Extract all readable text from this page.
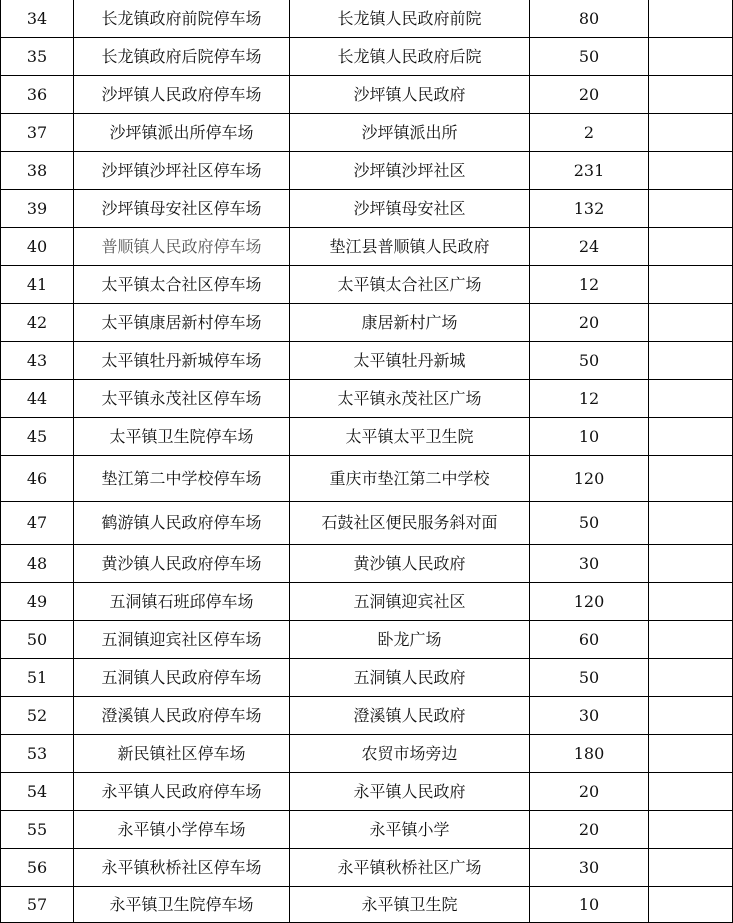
34	长龙镇政府前院停车场	长龙镇人民政府前院	80	
35	长龙镇政府后院停车场	长龙镇人民政府后院	50	
36	沙坪镇人民政府停车场	沙坪镇人民政府	20	
37	沙坪镇派出所停车场	沙坪镇派出所	2	
38	沙坪镇沙坪社区停车场	沙坪镇沙坪社区	231	
39	沙坪镇母安社区停车场	沙坪镇母安社区	132	
40	普顺镇人民政府停车场	垫江县普顺镇人民政府	24	
41	太平镇太合社区停车场	太平镇太合社区广场	12	
42	太平镇康居新村停车场	康居新村广场	20	
43	太平镇牡丹新城停车场	太平镇牡丹新城	50	
44	太平镇永茂社区停车场	太平镇永茂社区广场	12	
45	太平镇卫生院停车场	太平镇太平卫生院	10	
46	垫江第二中学校停车场	重庆市垫江第二中学校	120	
47	鹤游镇人民政府停车场	石鼓社区便民服务斜对面	50	
48	黄沙镇人民政府停车场	黄沙镇人民政府	30	
49	五洞镇石班邱停车场	五洞镇迎宾社区	120	
50	五洞镇迎宾社区停车场	卧龙广场	60	
51	五洞镇人民政府停车场	五洞镇人民政府	50	
52	澄溪镇人民政府停车场	澄溪镇人民政府	30	
53	新民镇社区停车场	农贸市场旁边	180	
54	永平镇人民政府停车场	永平镇人民政府	20	
55	永平镇小学停车场	永平镇小学	20	
56	永平镇秋桥社区停车场	永平镇秋桥社区广场	30	
57	永平镇卫生院停车场	永平镇卫生院	10	
